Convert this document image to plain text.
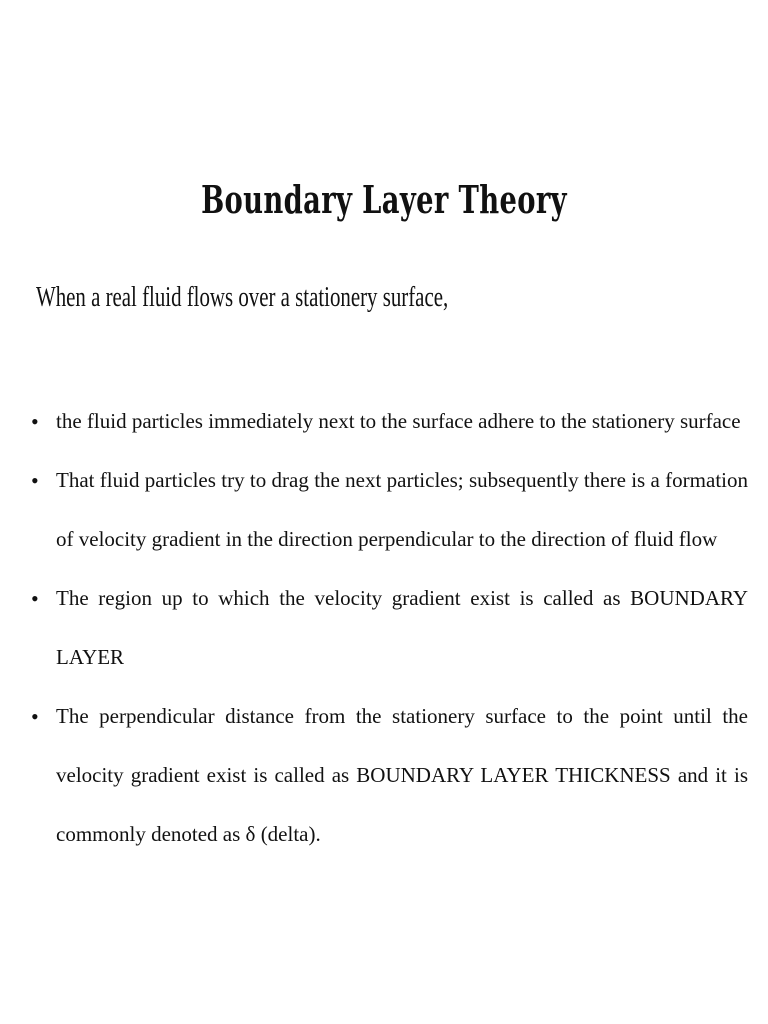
Boundary Layer Theory
When a real fluid flows over a stationery surface,
• the fluid particles immediately next to the surface adhere to the stationery surface
• That fluid particles try to drag the next particles; subsequently there is a formation of velocity gradient in the direction perpendicular to the direction of fluid flow
• The region up to which the velocity gradient exist is called as BOUNDARY LAYER
• The perpendicular distance from the stationery surface to the point until the velocity gradient exist is called as BOUNDARY LAYER THICKNESS and it is commonly denoted as δ (delta).
